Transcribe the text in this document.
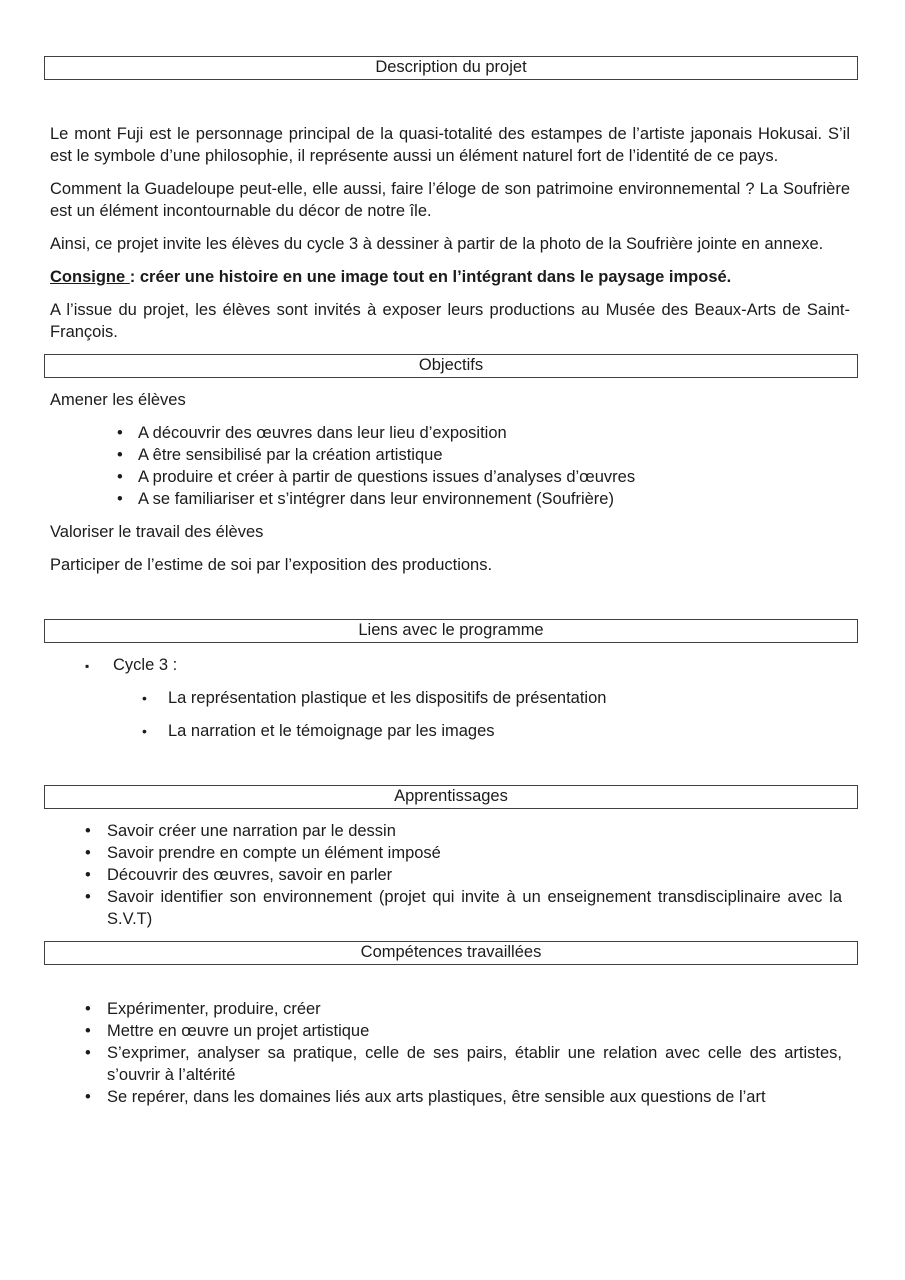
Description du projet

Le mont Fuji est le personnage principal de la quasi-totalité des estampes de l’artiste japonais Hokusai. S’il est le symbole d’une philosophie, il représente aussi un élément naturel fort de l’identité de ce pays.

Comment la Guadeloupe peut-elle, elle aussi, faire l’éloge de son patrimoine environnemental ? La Soufrière est un élément incontournable du décor de notre île.

Ainsi, ce projet invite les élèves du cycle 3 à dessiner à partir de la photo de la Soufrière jointe en annexe.

Consigne : créer une histoire en une image tout en l’intégrant dans le paysage imposé.

A l’issue du projet, les élèves sont invités à exposer leurs productions au Musée des Beaux-Arts de Saint-François.

Objectifs

Amener les élèves

• A découvrir des œuvres dans leur lieu d’exposition
• A être sensibilisé par la création artistique
• A produire et créer à partir de questions issues d’analyses d’œuvres
• A se familiariser et s’intégrer dans leur environnement (Soufrière)

Valoriser le travail des élèves

Participer de l’estime de soi par l’exposition des productions.

Liens avec le programme
▪ Cycle 3 :
• La représentation plastique et les dispositifs de présentation
• La narration et le témoignage par les images
Apprentissages
• Savoir créer une narration par le dessin
• Savoir prendre en compte un élément imposé
• Découvrir des œuvres, savoir en parler
• Savoir identifier son environnement (projet qui invite à un enseignement transdisciplinaire avec la S.V.T)
Compétences travaillées
• Expérimenter, produire, créer
• Mettre en œuvre un projet artistique
• S’exprimer, analyser sa pratique, celle de ses pairs, établir une relation avec celle des artistes, s’ouvrir à l’altérité
• Se repérer, dans les domaines liés aux arts plastiques, être sensible aux questions de l’art
